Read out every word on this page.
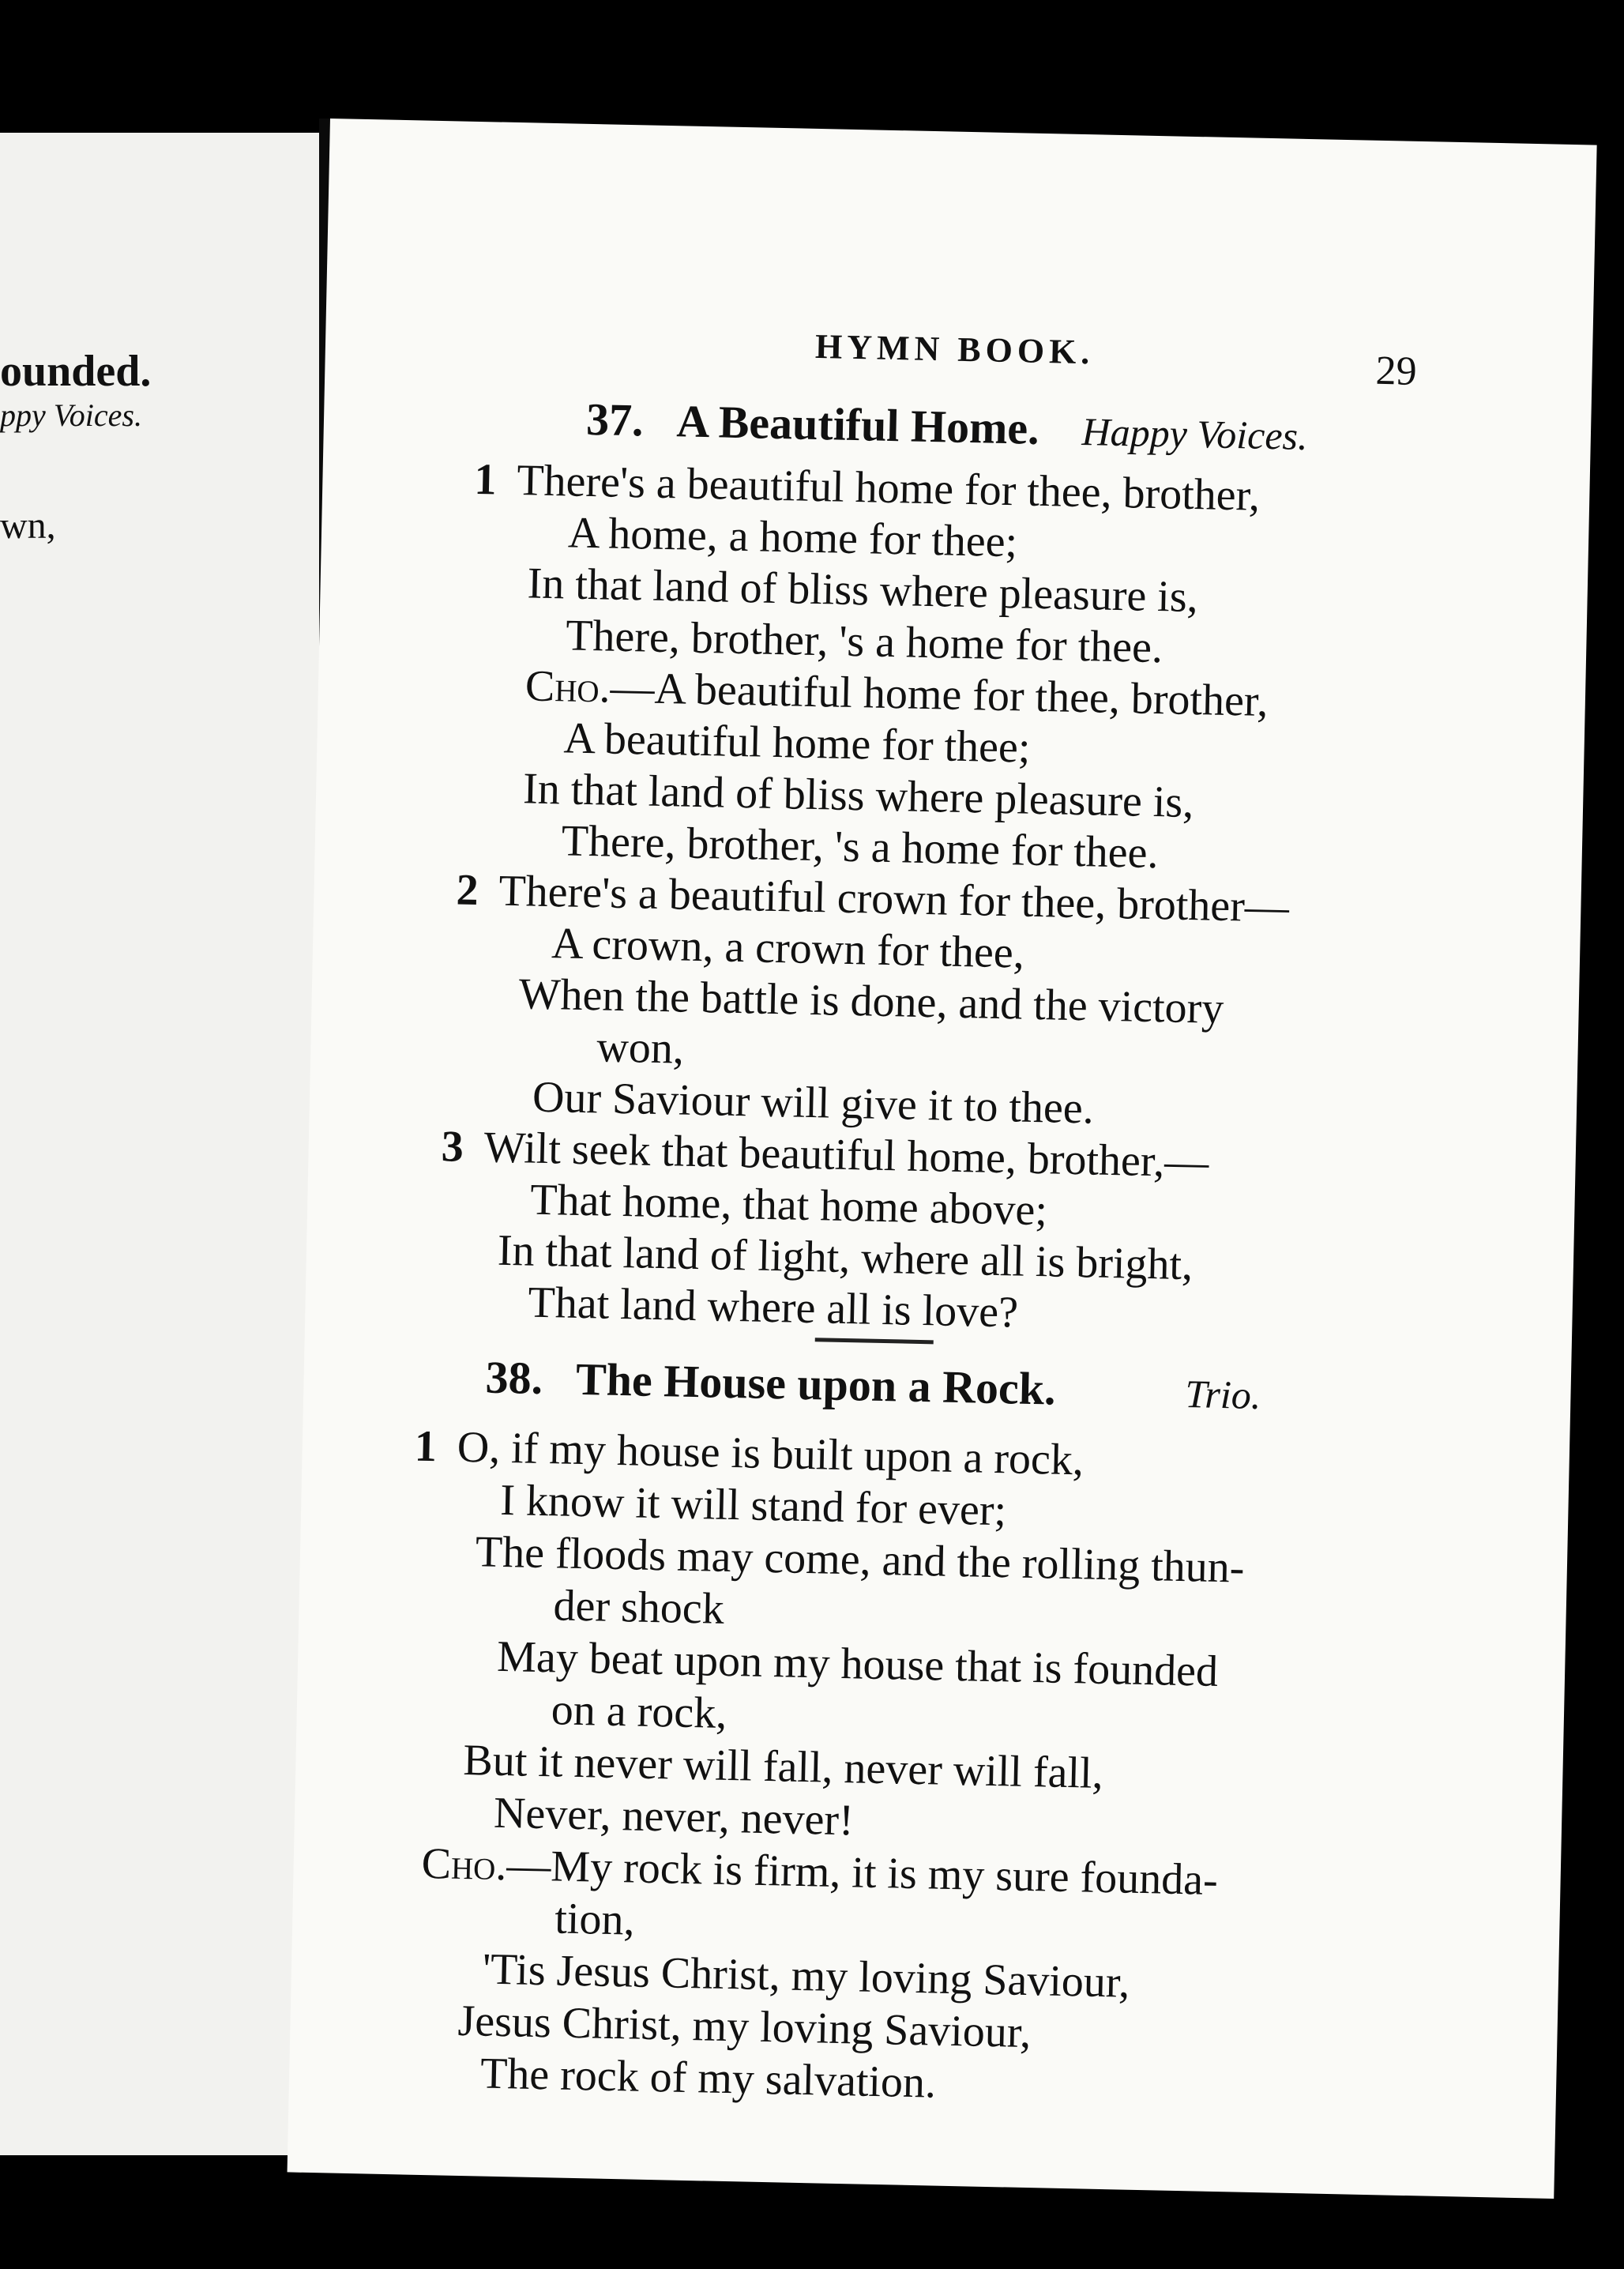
ounded.
ppy Voices.
wn,
HYMN BOOK.	29
37. A Beautiful Home. Happy Voices.
1 There's a beautiful home for thee, brother,
A home, a home for thee;
In that land of bliss where pleasure is,
There, brother, 's a home for thee.
Cho.—A beautiful home for thee, brother,
A beautiful home for thee;
In that land of bliss where pleasure is,
There, brother, 's a home for thee.
2 There's a beautiful crown for thee, brother—
A crown, a crown for thee,
When the battle is done, and the victory
won,
Our Saviour will give it to thee.
3 Wilt seek that beautiful home, brother,—
That home, that home above;
In that land of light, where all is bright,
That land where all is love?
38. The House upon a Rock.	Trio.
1 O, if my house is built upon a rock,
I know it will stand for ever;
The floods may come, and the rolling thun-
der shock
May beat upon my house that is founded
on a rock,
But it never will fall, never will fall,
Never, never, never!
Cho.—My rock is firm, it is my sure founda-
tion,
'Tis Jesus Christ, my loving Saviour,
Jesus Christ, my loving Saviour,
The rock of my salvation.
